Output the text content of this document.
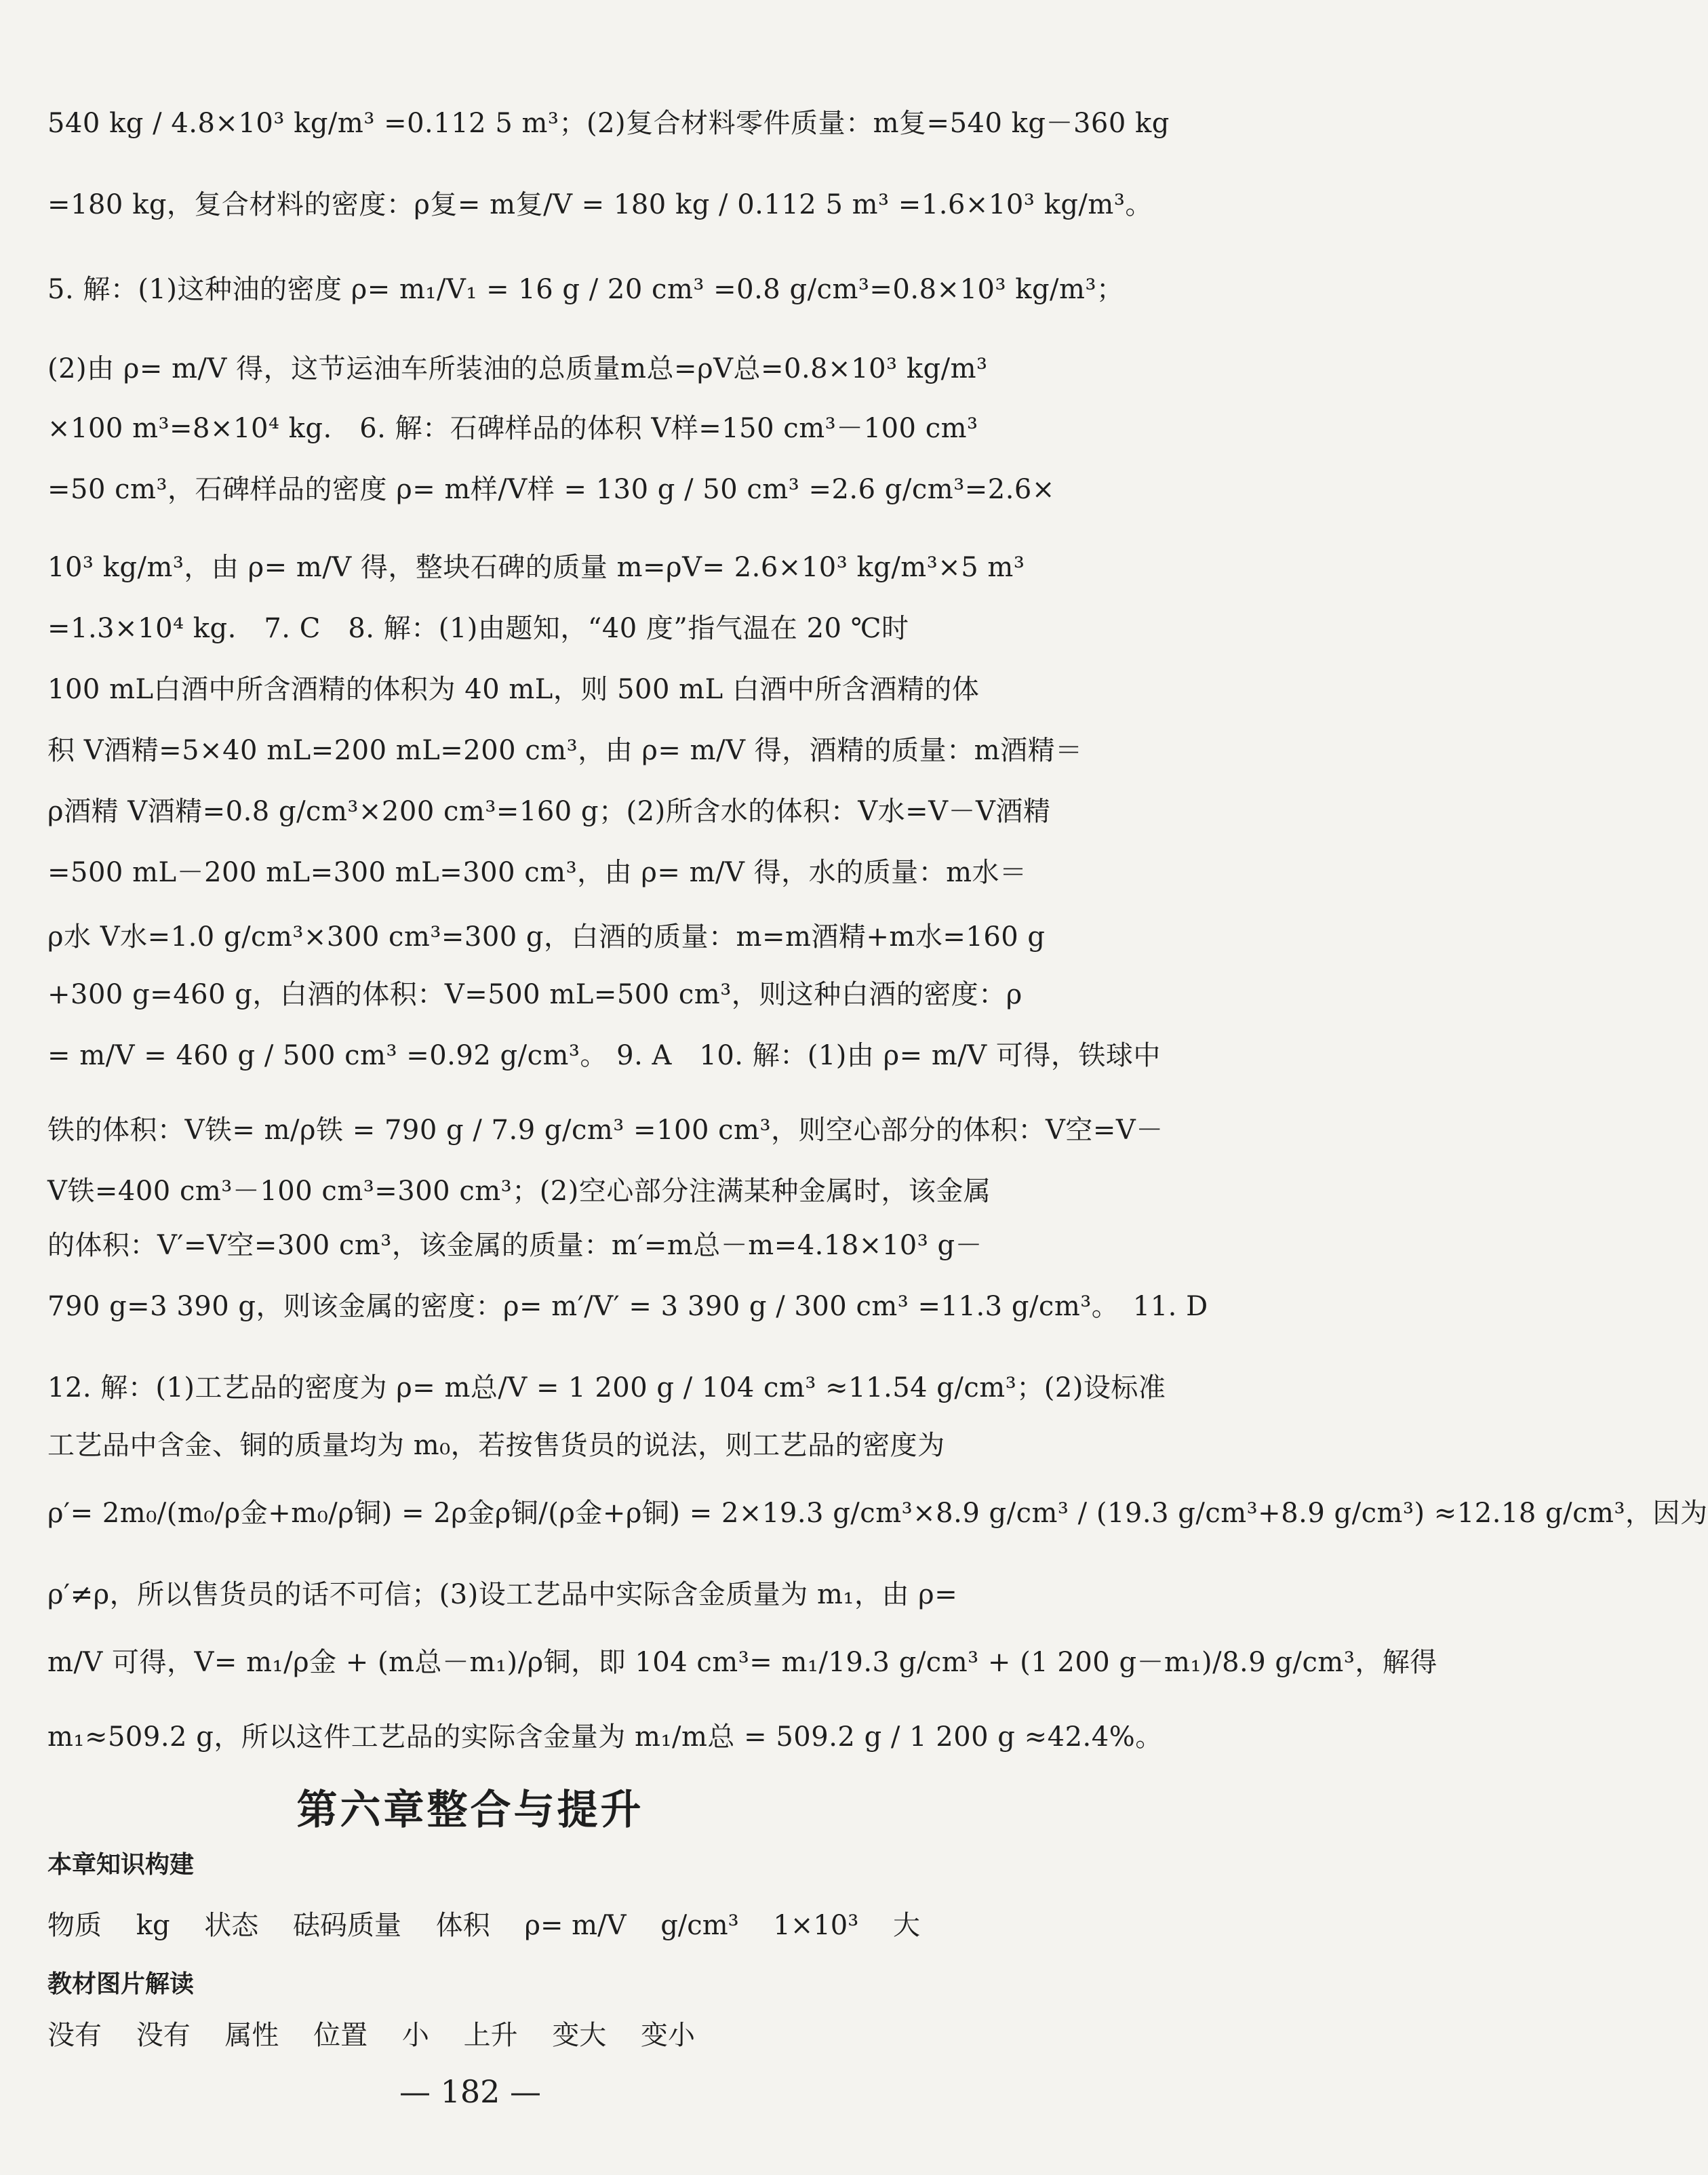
540 kg / 4.8×10³ kg/m³ =0.112 5 m³；(2)复合材料零件质量：m复=540 kg－360 kg
=180 kg，复合材料的密度：ρ复= m复/V = 180 kg / 0.112 5 m³ =1.6×10³ kg/m³。
5. 解：(1)这种油的密度 ρ= m₁/V₁ = 16 g / 20 cm³ =0.8 g/cm³=0.8×10³ kg/m³；
(2)由 ρ= m/V 得，这节运油车所装油的总质量m总=ρV总=0.8×10³ kg/m³
×100 m³=8×10⁴ kg.　6. 解：石碑样品的体积 V样=150 cm³－100 cm³
=50 cm³，石碑样品的密度 ρ= m样/V样 = 130 g / 50 cm³ =2.6 g/cm³=2.6×
10³ kg/m³，由 ρ= m/V 得，整块石碑的质量 m=ρV= 2.6×10³ kg/m³×5 m³
=1.3×10⁴ kg.　7. C　8. 解：(1)由题知，“40 度”指气温在 20 ℃时
100 mL白酒中所含酒精的体积为 40 mL，则 500 mL 白酒中所含酒精的体
积 V酒精=5×40 mL=200 mL=200 cm³，由 ρ= m/V 得，酒精的质量：m酒精＝
ρ酒精 V酒精=0.8 g/cm³×200 cm³=160 g；(2)所含水的体积：V水=V－V酒精
=500 mL－200 mL=300 mL=300 cm³，由 ρ= m/V 得，水的质量：m水＝
ρ水 V水=1.0 g/cm³×300 cm³=300 g，白酒的质量：m=m酒精+m水=160 g
+300 g=460 g，白酒的体积：V=500 mL=500 cm³，则这种白酒的密度：ρ
= m/V = 460 g / 500 cm³ =0.92 g/cm³。 9. A　10. 解：(1)由 ρ= m/V 可得，铁球中
铁的体积：V铁= m/ρ铁 = 790 g / 7.9 g/cm³ =100 cm³，则空心部分的体积：V空=V－
V铁=400 cm³－100 cm³=300 cm³；(2)空心部分注满某种金属时，该金属
的体积：V′=V空=300 cm³，该金属的质量：m′=m总－m=4.18×10³ g－
790 g=3 390 g，则该金属的密度：ρ= m′/V′ = 3 390 g / 300 cm³ =11.3 g/cm³。　11. D
12. 解：(1)工艺品的密度为 ρ= m总/V = 1 200 g / 104 cm³ ≈11.54 g/cm³；(2)设标准
工艺品中含金、铜的质量均为 m₀，若按售货员的说法，则工艺品的密度为
ρ′= 2m₀/(m₀/ρ金+m₀/ρ铜) = 2ρ金ρ铜/(ρ金+ρ铜) = 2×19.3 g/cm³×8.9 g/cm³ / (19.3 g/cm³+8.9 g/cm³) ≈12.18 g/cm³，因为
ρ′≠ρ，所以售货员的话不可信；(3)设工艺品中实际含金质量为 m₁，由 ρ=
m/V 可得，V= m₁/ρ金 + (m总－m₁)/ρ铜，即 104 cm³= m₁/19.3 g/cm³ + (1 200 g－m₁)/8.9 g/cm³，解得
m₁≈509.2 g，所以这件工艺品的实际含金量为 m₁/m总 = 509.2 g / 1 200 g ≈42.4%。
第六章整合与提升
本章知识构建
物质 kg 状态 砝码质量 体积 ρ= m/V g/cm³ 1×10³ 大
教材图片解读
没有 没有 属性 位置 小 上升 变大 变小
— 182 —
